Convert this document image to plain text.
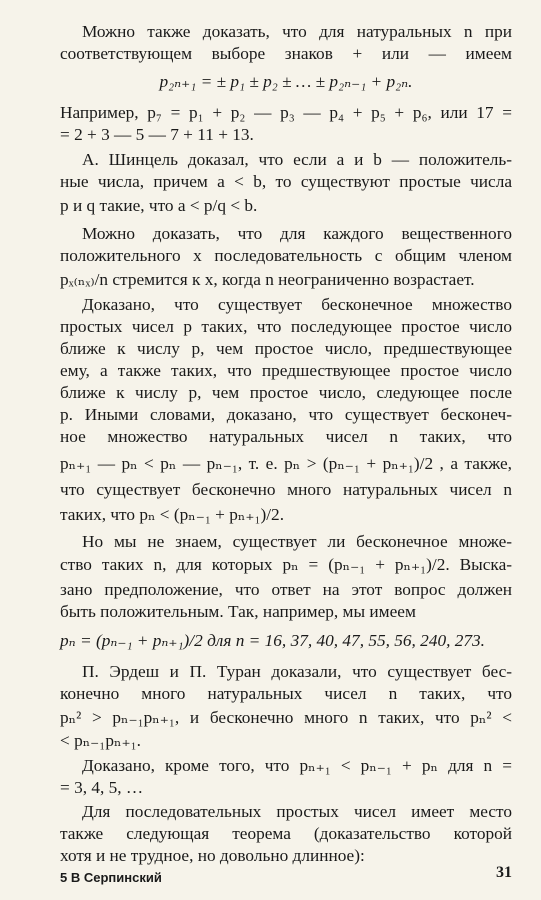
Можно также доказать, что для натуральных n при
соответствующем выборе знаков + или — имеем
p₂ₙ₊₁ = ± p₁ ± p₂ ± … ± p₂ₙ₋₁ + p₂ₙ.
Например, p₇ = p₁ + p₂ — p₃ — p₄ + p₅ + p₆, или 17 =
= 2 + 3 — 5 — 7 + 11 + 13.
А. Шинцель доказал, что если a и b — положитель-
ные числа, причем a < b, то существуют простые числа
p и q такие, что a < p/q < b.
Можно доказать, что для каждого вещественного
положительного x последовательность с общим членом
pₓ₍ₙₓ₎/n стремится к x, когда n неограниченно возрастает.
Доказано, что существует бесконечное множество
простых чисел p таких, что последующее простое число
ближе к числу p, чем простое число, предшествующее
ему, а также таких, что предшествующее простое число
ближе к числу p, чем простое число, следующее после
p. Иными словами, доказано, что существует бесконеч-
ное множество натуральных чисел n таких, что
pₙ₊₁ — pₙ < pₙ — pₙ₋₁, т. е. pₙ > (pₙ₋₁ + pₙ₊₁)/2 , а также,
что существует бесконечно много натуральных чисел n
таких, что pₙ < (pₙ₋₁ + pₙ₊₁)/2.
Но мы не знаем, существует ли бесконечное множе-
ство таких n, для которых pₙ = (pₙ₋₁ + pₙ₊₁)/2. Выска-
зано предположение, что ответ на этот вопрос должен
быть положительным. Так, например, мы имеем
pₙ = (pₙ₋₁ + pₙ₊₁)/2 для n = 16, 37, 40, 47, 55, 56, 240, 273.
П. Эрдеш и П. Туран доказали, что существует бес-
конечно много натуральных чисел n таких, что
pₙ² > pₙ₋₁pₙ₊₁, и бесконечно много n таких, что pₙ² <
< pₙ₋₁pₙ₊₁.
Доказано, кроме того, что pₙ₊₁ < pₙ₋₁ + pₙ для n =
= 3, 4, 5, …
Для последовательных простых чисел имеет место
также следующая теорема (доказательство которой
хотя и не трудное, но довольно длинное):
5 В Серпинский	31
